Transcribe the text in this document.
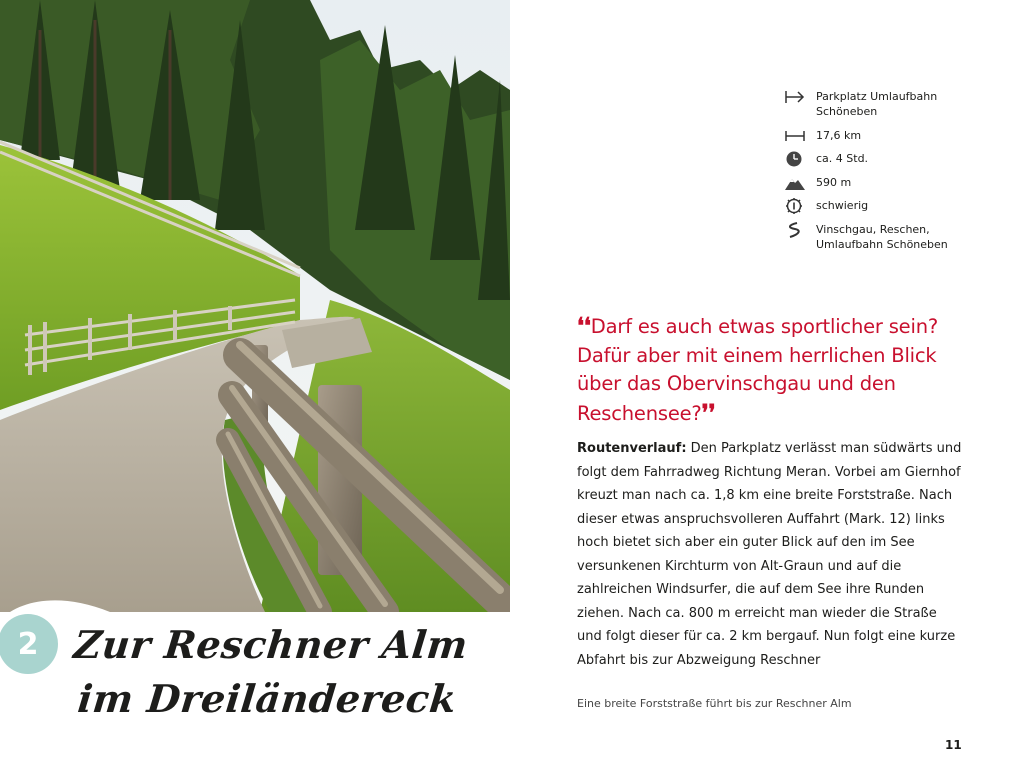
2 Zur Reschner Alm
im Dreiländereck
Parkplatz Umlaufbahn
Schöneben
17,6 km
ca. 4 Std.
590 m
schwierig
Vinschgau, Reschen,
Umlaufbahn Schöneben
❛❛Darf es auch etwas sportlicher sein? Dafür aber mit einem herrlichen Blick über das Obervinschgau und den Reschensee?❜❜
Routenverlauf: Den Parkplatz verlässt man südwärts und folgt dem Fahrradweg Richtung Meran. Vorbei am Giernhof kreuzt man nach ca. 1,8 km eine breite Forststraße. Nach dieser etwas anspruchsvolleren Auffahrt (Mark. 12) links hoch bietet sich aber ein guter Blick auf den im See versunkenen Kirchturm von Alt-Graun und auf die zahlreichen Windsurfer, die auf dem See ihre Runden ziehen. Nach ca. 800 m erreicht man wieder die Straße und folgt dieser für ca. 2 km bergauf. Nun folgt eine kurze Abfahrt bis zur Abzweigung Reschner
Eine breite Forststraße führt bis zur Reschner Alm
11
